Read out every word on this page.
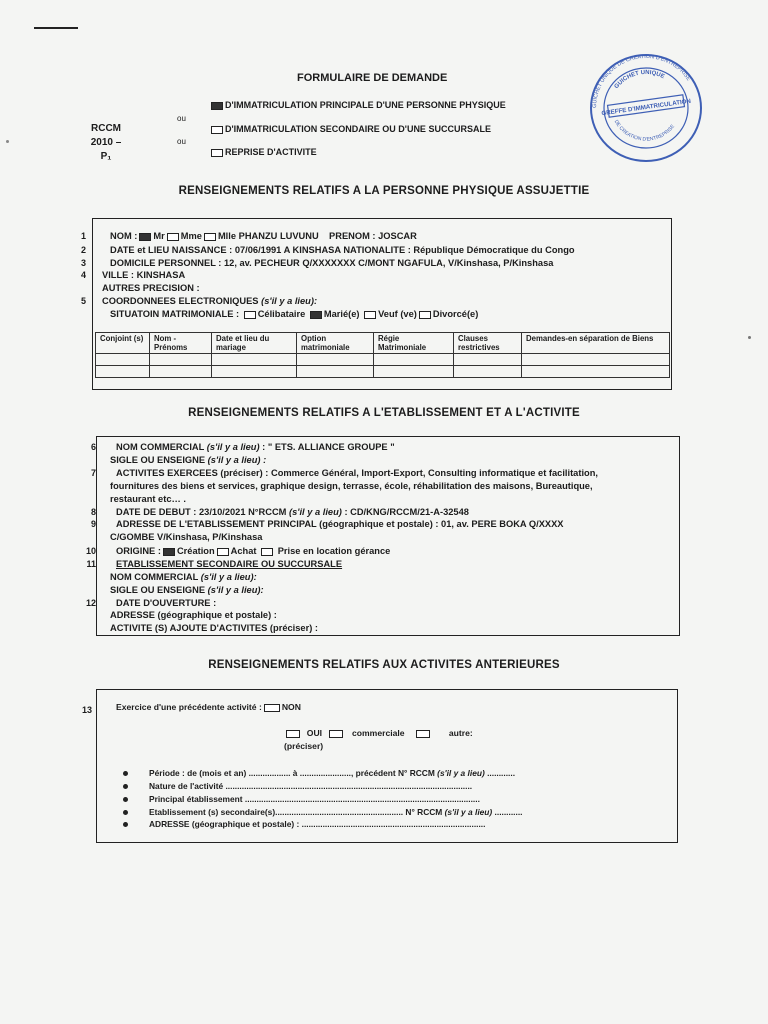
FORMULAIRE DE DEMANDE
RCCM
2010 – P₁
ou
ou
D'IMMATRICULATION PRINCIPALE D'UNE PERSONNE PHYSIQUE
D'IMMATRICULATION SECONDAIRE OU D'UNE SUCCURSALE
REPRISE D'ACTIVITE
GUICHET UNIQUE DE CREATION D'ENTREPRISE
GUICHET UNIQUE
GREFFE D'IMMATRICULATION
DE CREATION D'ENTREPRISE
RENSEIGNEMENTS RELATIFS A LA PERSONNE PHYSIQUE ASSUJETTIE
1
2
3
4
5
NOM : Mr Mme Mlle PHANZU LUVUNU PRENOM : JOSCAR
DATE et LIEU NAISSANCE : 07/06/1991 A KINSHASA NATIONALITE : République Démocratique du Congo
DOMICILE PERSONNEL : 12, av. PECHEUR Q/XXXXXXX C/MONT NGAFULA, V/Kinshasa, P/Kinshasa
VILLE : KINSHASA
AUTRES PRECISION :
COORDONNEES ELECTRONIQUES (s'il y a lieu):
SITUATOIN MATRIMONIALE : Célibataire Marié(e) Veuf (ve) Divorcé(e)
Conjoint (s)	Nom - Prénoms	Date et lieu du mariage	Option matrimoniale	Régie Matrimoniale	Clauses restrictives	Demandes-en séparation de Biens

RENSEIGNEMENTS RELATIFS A L'ETABLISSEMENT ET A L'ACTIVITE
6
7
8
9
10
11
12
NOM COMMERCIAL (s'il y a lieu) : " ETS. ALLIANCE GROUPE "
SIGLE OU ENSEIGNE (s'il y a lieu) :
ACTIVITES EXERCEES (préciser) : Commerce Général, Import-Export, Consulting informatique et facilitation,
fournitures des biens et services, graphique design, terrasse, école, réhabilitation des maisons, Bureautique,
restaurant etc… .
DATE DE DEBUT : 23/10/2021 N°RCCM (s'il y a lieu) : CD/KNG/RCCM/21-A-32548
ADRESSE DE L'ETABLISSEMENT PRINCIPAL (géographique et postale) : 01, av. PERE BOKA Q/XXXX
C/GOMBE V/Kinshasa, P/Kinshasa
ORIGINE : Création Achat Prise en location gérance
ETABLISSEMENT SECONDAIRE OU SUCCURSALE
NOM COMMERCIAL (s'il y a lieu):
SIGLE OU ENSEIGNE (s'il y a lieu):
DATE D'OUVERTURE :
ADRESSE (géographique et postale) :
ACTIVITE (S) AJOUTE D'ACTIVITES (préciser) :
RENSEIGNEMENTS RELATIFS AUX ACTIVITES ANTERIEURES
13	Exercice d'une précédente activité : NON
OUI	commerciale	autre:
(préciser)
Période : de (mois et an) .................. à ......................, précédent N° RCCM (s'il y a lieu) ............
Nature de l'activité ..........................................................................................................
Principal établissement .....................................................................................................
Etablissement (s) secondaire(s)....................................................... N° RCCM (s'il y a lieu) ............
ADRESSE (géographique et postale) : ...............................................................................
